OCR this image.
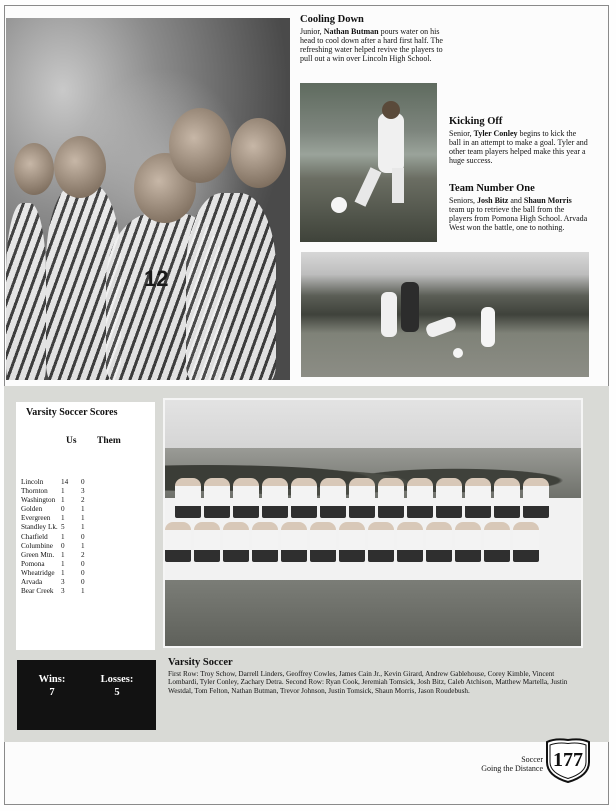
12
Cooling Down
Junior, Nathan Butman pours water on his head to cool down after a hard first half. The refreshing water helped revive the players to pull out a win over Lincoln High School.
Kicking Off
Senior, Tyler Conley begins to kick the ball in an attempt to make a goal. Tyler and other team players helped make this year a huge success.
Team Number One
Seniors, Josh Bitz and Shaun Morris team up to retrieve the ball from the players from Pomona High School. Arvada West won the battle, one to nothing.
Varsity Soccer Scores
Us Them
Lincoln	14	0
Thornton	1	3
Washington	1	2
Golden	0	1
Evergreen	1	1
Standley Lk.	5	1
Chatfield	1	0
Columbine	0	1
Green Mtn.	1	2
Pomona	1	0
Wheatridge	1	0
Arvada	3	0
Bear Creek	3	1
Wins:
7
Losses:
5
Varsity Soccer
First Row: Troy Schow, Darrell Linders, Geoffrey Cowles, James Cain Jr., Kevin Girard, Andrew Gablehouse, Corey Kimble, Vincent Lombardi, Tyler Conley, Zachary Detra. Second Row: Ryan Cook, Jeremiah Tomsick, Josh Bitz, Caleb Atchison, Matthew Martella, Justin Westdal, Tom Felton, Nathan Butman, Trevor Johnson, Justin Tomsick, Shaun Morris, Jason Roudebush.
Soccer
Going the Distance 177
